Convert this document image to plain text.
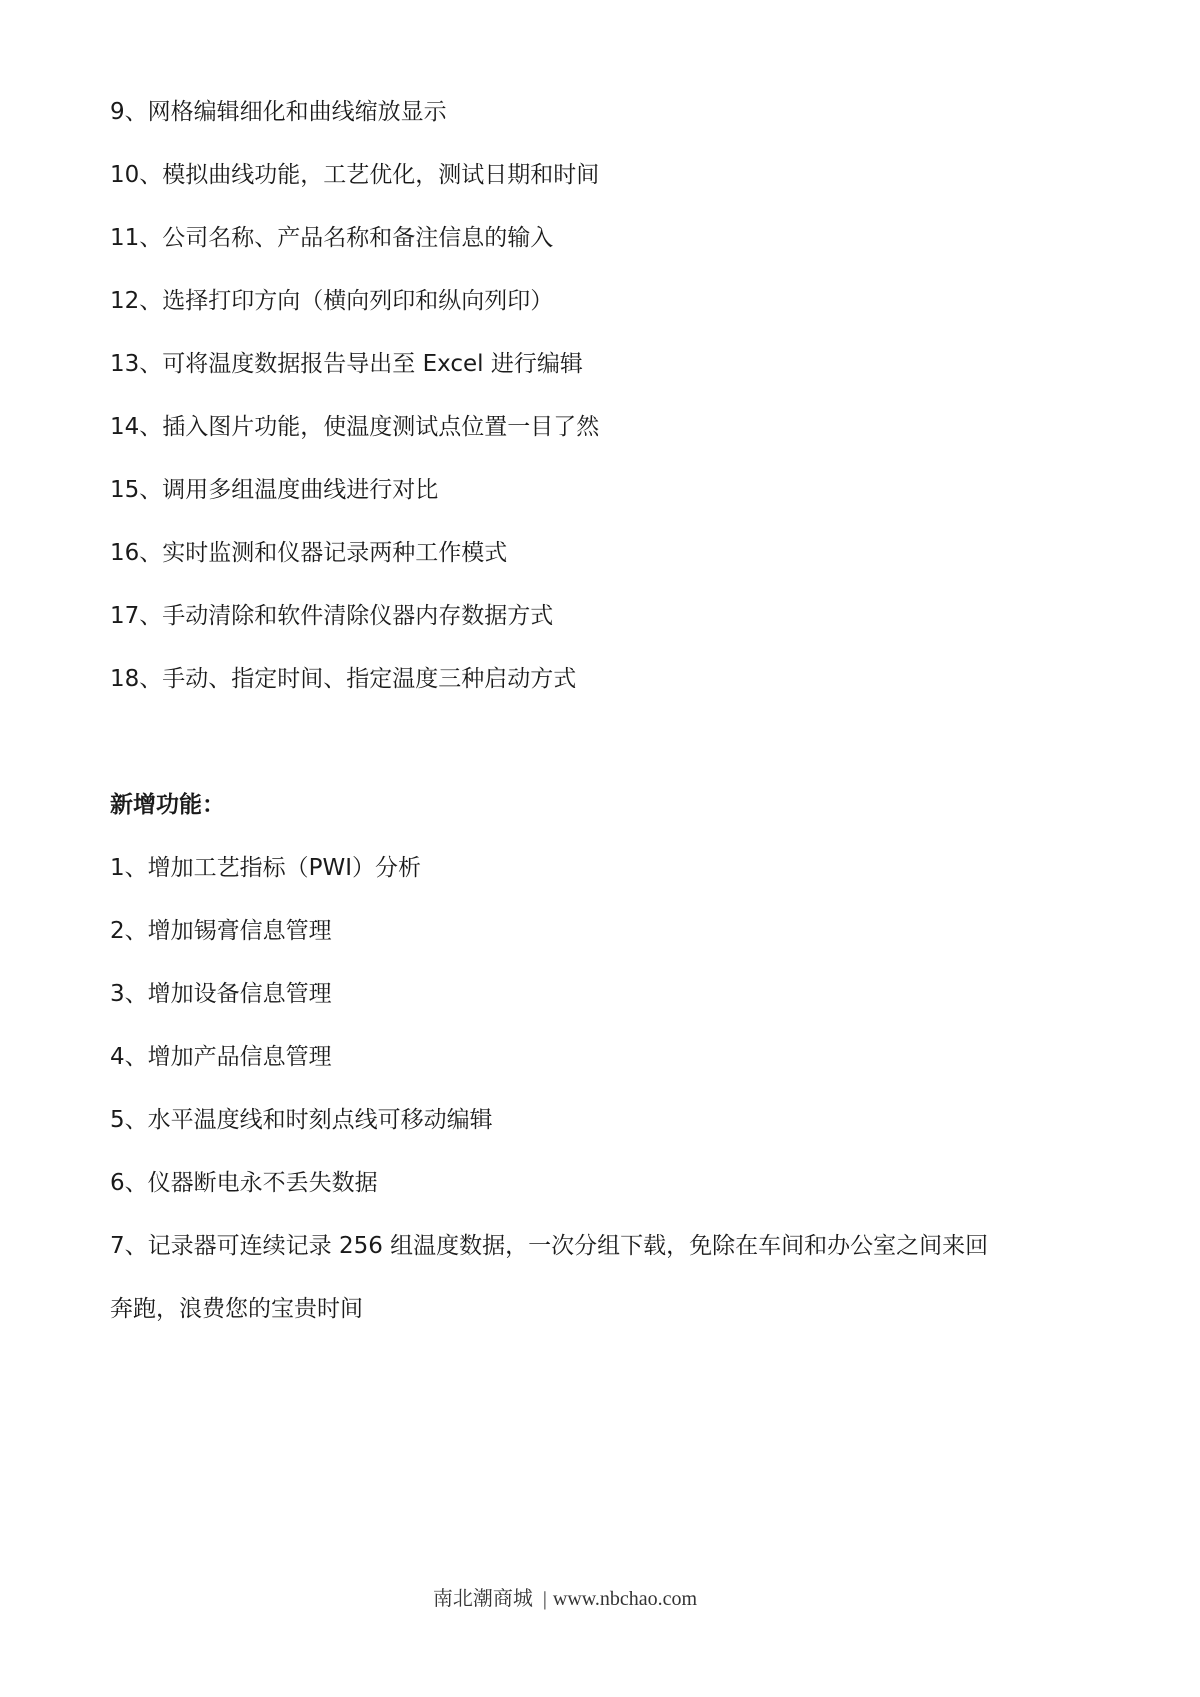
9、网格编辑细化和曲线缩放显示
10、模拟曲线功能，工艺优化，测试日期和时间
11、公司名称、产品名称和备注信息的输入
12、选择打印方向（横向列印和纵向列印）
13、可将温度数据报告导出至 Excel 进行编辑
14、插入图片功能，使温度测试点位置一目了然
15、调用多组温度曲线进行对比
16、实时监测和仪器记录两种工作模式
17、手动清除和软件清除仪器内存数据方式
18、手动、指定时间、指定温度三种启动方式
新增功能：
1、增加工艺指标（PWI）分析
2、增加锡膏信息管理
3、增加设备信息管理
4、增加产品信息管理
5、水平温度线和时刻点线可移动编辑
6、仪器断电永不丢失数据
7、记录器可连续记录 256 组温度数据，一次分组下载，免除在车间和办公室之间来回
奔跑，浪费您的宝贵时间
南北潮商城 | www.nbchao.com
